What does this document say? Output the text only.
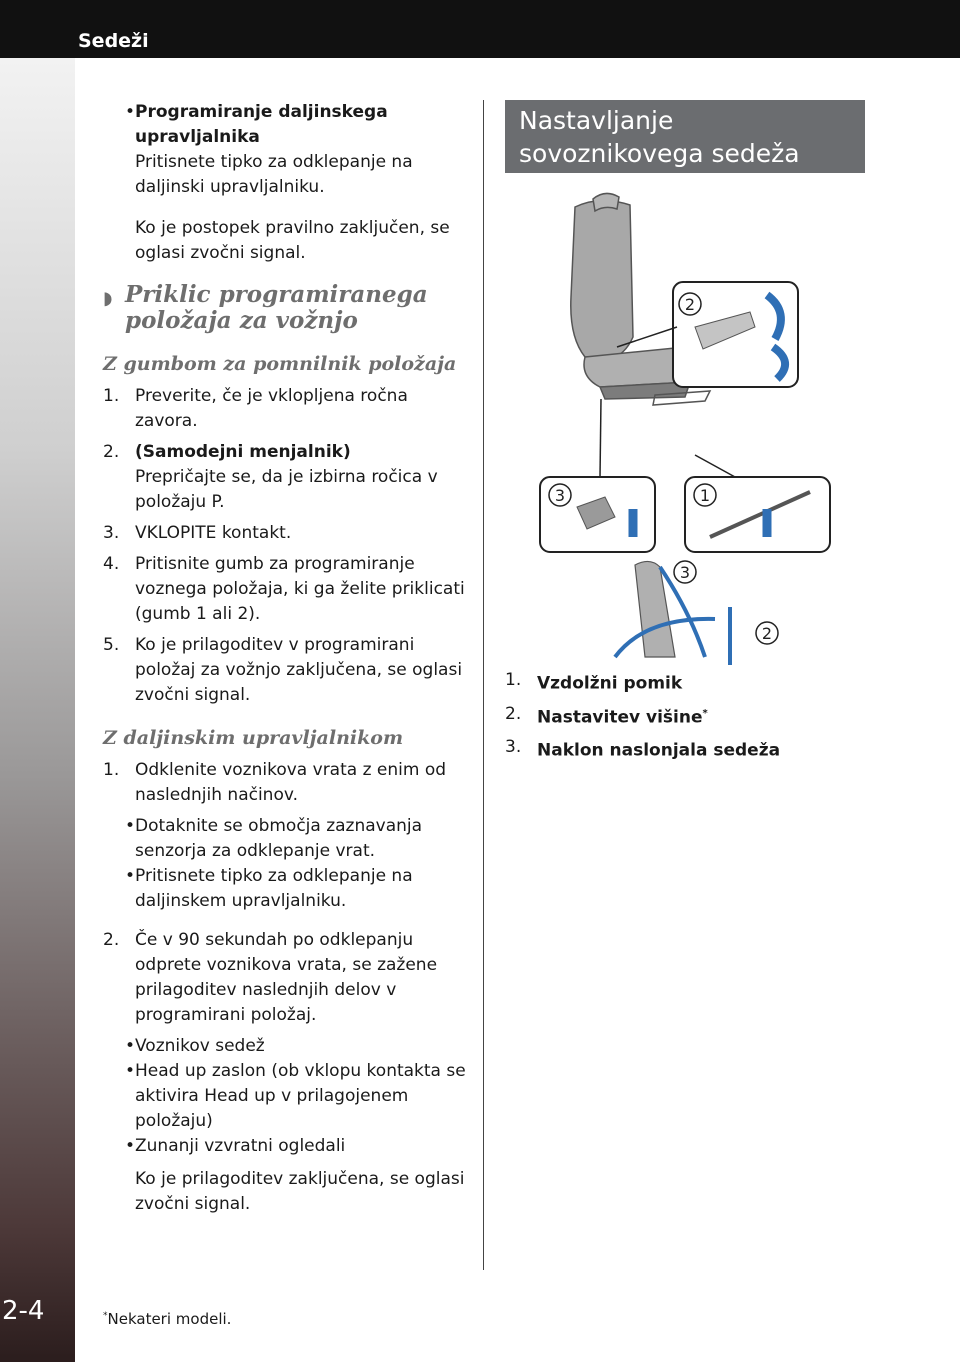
Sedeži
2-4
• Programiranje daljinskega upravljalnika
Pritisnete tipko za odklepanje na daljinski upravljalniku.

Ko je postopek pravilno zaključen, se oglasi zvočni signal.

◗ Priklic programiranega položaja za vožnjo
Z gumbom za pomnilnik položaja
1. Preverite, če je vklopljena ročna zavora.
2. (Samodejni menjalnik)
Prepričajte se, da je izbirna ročica v položaju P.
3. VKLOPITE kontakt.
4. Pritisnite gumb za programiranje voznega položaja, ki ga želite priklicati (gumb 1 ali 2).
5. Ko je prilagoditev v programirani položaj za vožnjo zaključena, se oglasi zvočni signal.
Z daljinskim upravljalnikom
1. Odklenite voznikova vrata z enim od naslednjih načinov.
• Dotaknite se območja zaznavanja senzorja za odklepanje vrat.
• Pritisnete tipko za odklepanje na daljinskem upravljalniku.
2. Če v 90 sekundah po odklepanju odprete voznikova vrata, se zažene prilagoditev naslednjih delov v programirani položaj.
• Voznikov sedež
• Head up zaslon (ob vklopu kontakta se aktivira Head up v prilagojenem položaju)
• Zunanji vzvratni ogledali

Ko je prilagoditev zaključena, se oglasi zvočni signal.

Nastavljanje sovoznikovega sedeža
2
3	1
3
2
1. Vzdolžni pomik
2. Nastavitev višine*
3. Naklon naslonjala sedeža
*Nekateri modeli.
